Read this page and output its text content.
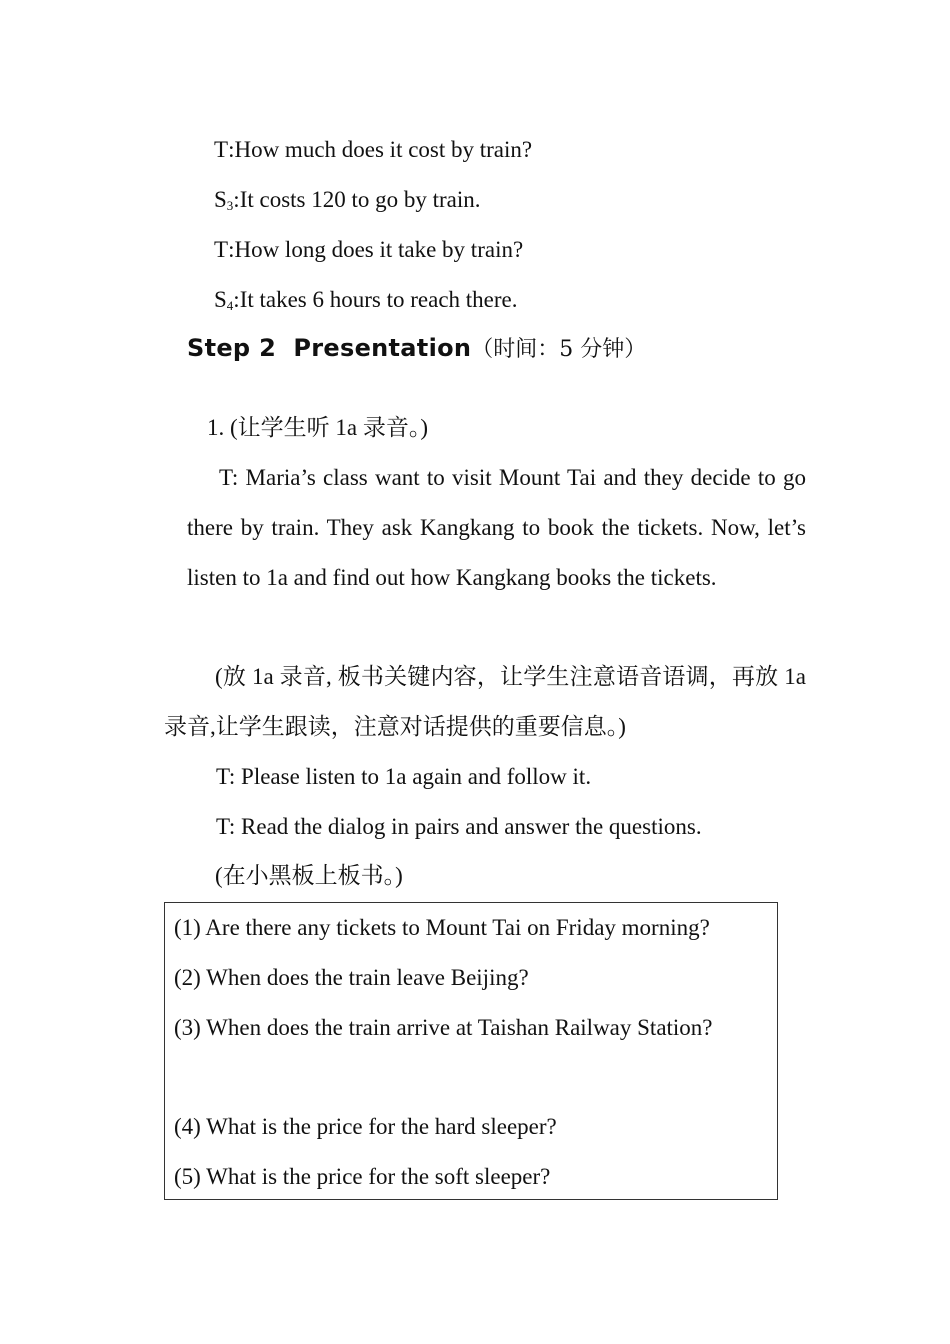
T:How much does it cost by train?
$S_3:It$ costs 120 to go by train.
T:How long does it take by train?
$S_4:It$ takes 6 hours to reach there.
Step 2  Presentation（时间：5 分钟）
1. (让学生听 1a 录音。)
T: Maria’s class want to visit Mount Tai and they decide to go there by train. They ask Kangkang to book the tickets. Now, let’s listen to 1a and find out how Kangkang books the tickets.
(放 1a 录音, 板书关键内容，让学生注意语音语调，再放 1a 录音,让学生跟读，注意对话提供的重要信息。)
T: Please listen to 1a again and follow it.
T: Read the dialog in pairs and answer the questions.
(在小黑板上板书。)
(1) Are there any tickets to Mount Tai on Friday morning?
(2) When does the train leave Beijing?
(3) When does the train arrive at Taishan Railway Station?
(4) What is the price for the hard sleeper?
(5) What is the price for the soft sleeper?
